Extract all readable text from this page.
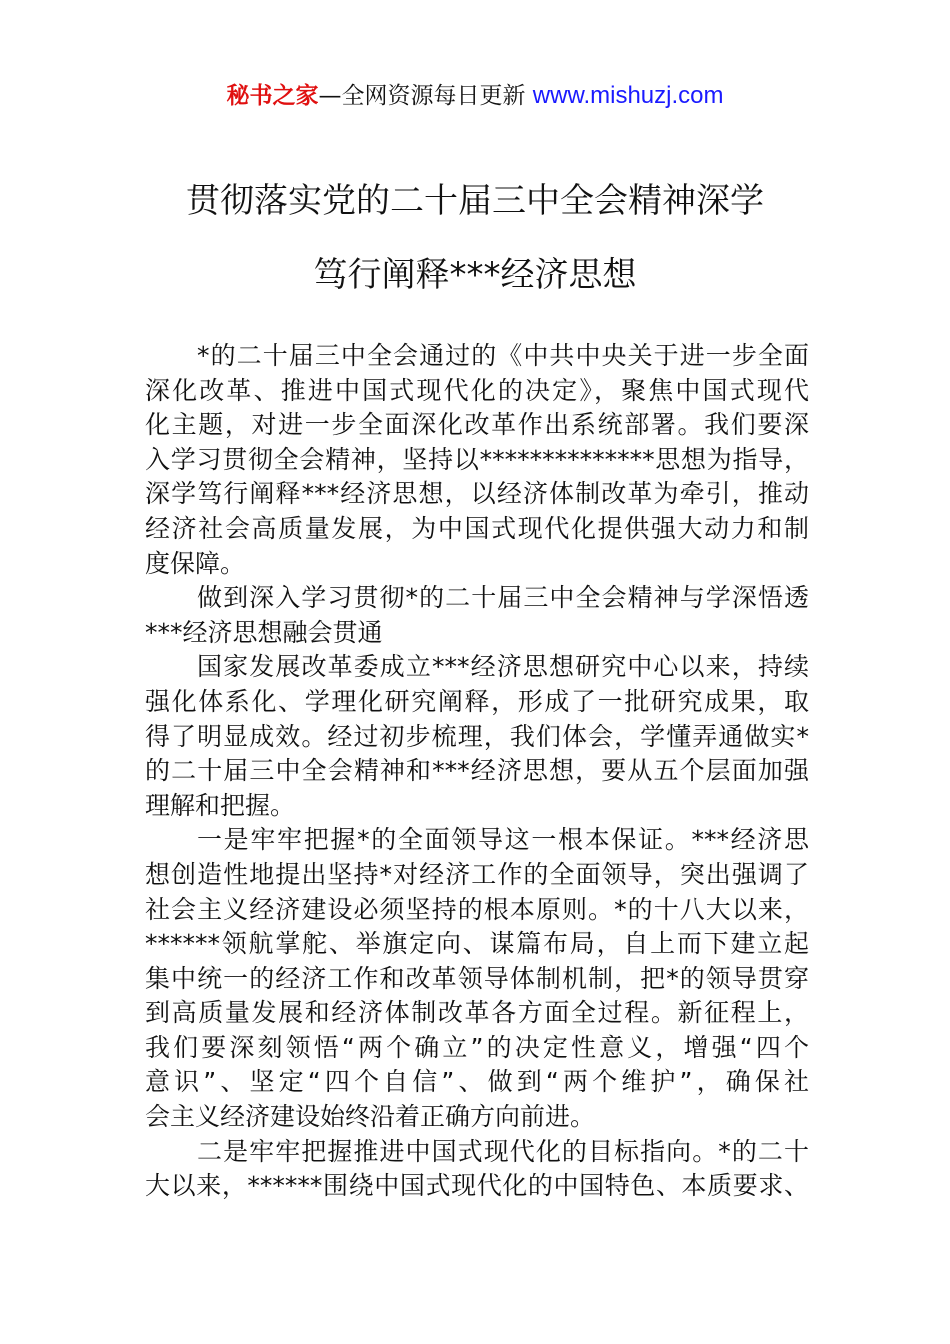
秘书之家—全网资源每日更新 www.mishuzj.com
贯彻落实党的二十届三中全会精神深学
笃行阐释***经济思想
*的二十届三中全会通过的《中共中央关于进一步全面
深化改革、推进中国式现代化的决定》，聚焦中国式现代
化主题，对进一步全面深化改革作出系统部署。我们要深
入学习贯彻全会精神，坚持以**************思想为指导，
深学笃行阐释***经济思想，以经济体制改革为牵引，推动
经济社会高质量发展，为中国式现代化提供强大动力和制
度保障。
做到深入学习贯彻*的二十届三中全会精神与学深悟透
***经济思想融会贯通
国家发展改革委成立***经济思想研究中心以来，持续
强化体系化、学理化研究阐释，形成了一批研究成果，取
得了明显成效。经过初步梳理，我们体会，学懂弄通做实*
的二十届三中全会精神和***经济思想，要从五个层面加强
理解和把握。
一是牢牢把握*的全面领导这一根本保证。***经济思
想创造性地提出坚持*对经济工作的全面领导，突出强调了
社会主义经济建设必须坚持的根本原则。*的十八大以来，
******领航掌舵、举旗定向、谋篇布局，自上而下建立起
集中统一的经济工作和改革领导体制机制，把*的领导贯穿
到高质量发展和经济体制改革各方面全过程。新征程上，
我们要深刻领悟“两个确立”的决定性意义，增强“四个
意识”、坚定“四个自信”、做到“两个维护”，确保社
会主义经济建设始终沿着正确方向前进。
二是牢牢把握推进中国式现代化的目标指向。*的二十
大以来，******围绕中国式现代化的中国特色、本质要求、
